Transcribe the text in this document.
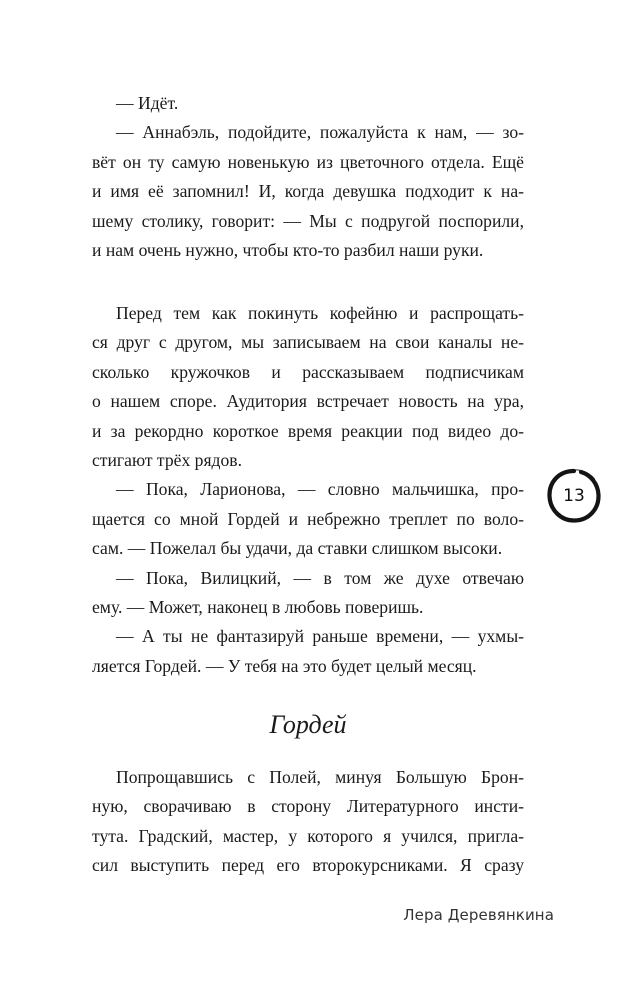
— Идёт.
— Аннабэль, подойдите, пожалуйста к нам, — зо-
вёт он ту самую новенькую из цветочного отдела. Ещё
и имя её запомнил! И, когда девушка подходит к на-
шему столику, говорит: — Мы с подругой поспорили,
и нам очень нужно, чтобы кто-то разбил наши руки.
Перед тем как покинуть кофейню и распрощать-
ся друг с другом, мы записываем на свои каналы не-
сколько кружочков и рассказываем подписчикам
о нашем споре. Аудитория встречает новость на ура,
и за рекордно короткое время реакции под видео до-
стигают трёх рядов.
— Пока, Ларионова, — словно мальчишка, про-
щается со мной Гордей и небрежно треплет по воло-
сам. — Пожелал бы удачи, да ставки слишком высоки.
— Пока, Вилицкий, — в том же духе отвечаю
ему. — Может, наконец в любовь поверишь.
— А ты не фантазируй раньше времени, — ухмы-
ляется Гордей. — У тебя на это будет целый месяц.
Гордей
Попрощавшись с Полей, минуя Большую Брон-
ную, сворачиваю в сторону Литературного инсти-
тута. Градский, мастер, у которого я учился, пригла-
сил выступить перед его второкурсниками. Я сразу
13
Лера Деревянкина
